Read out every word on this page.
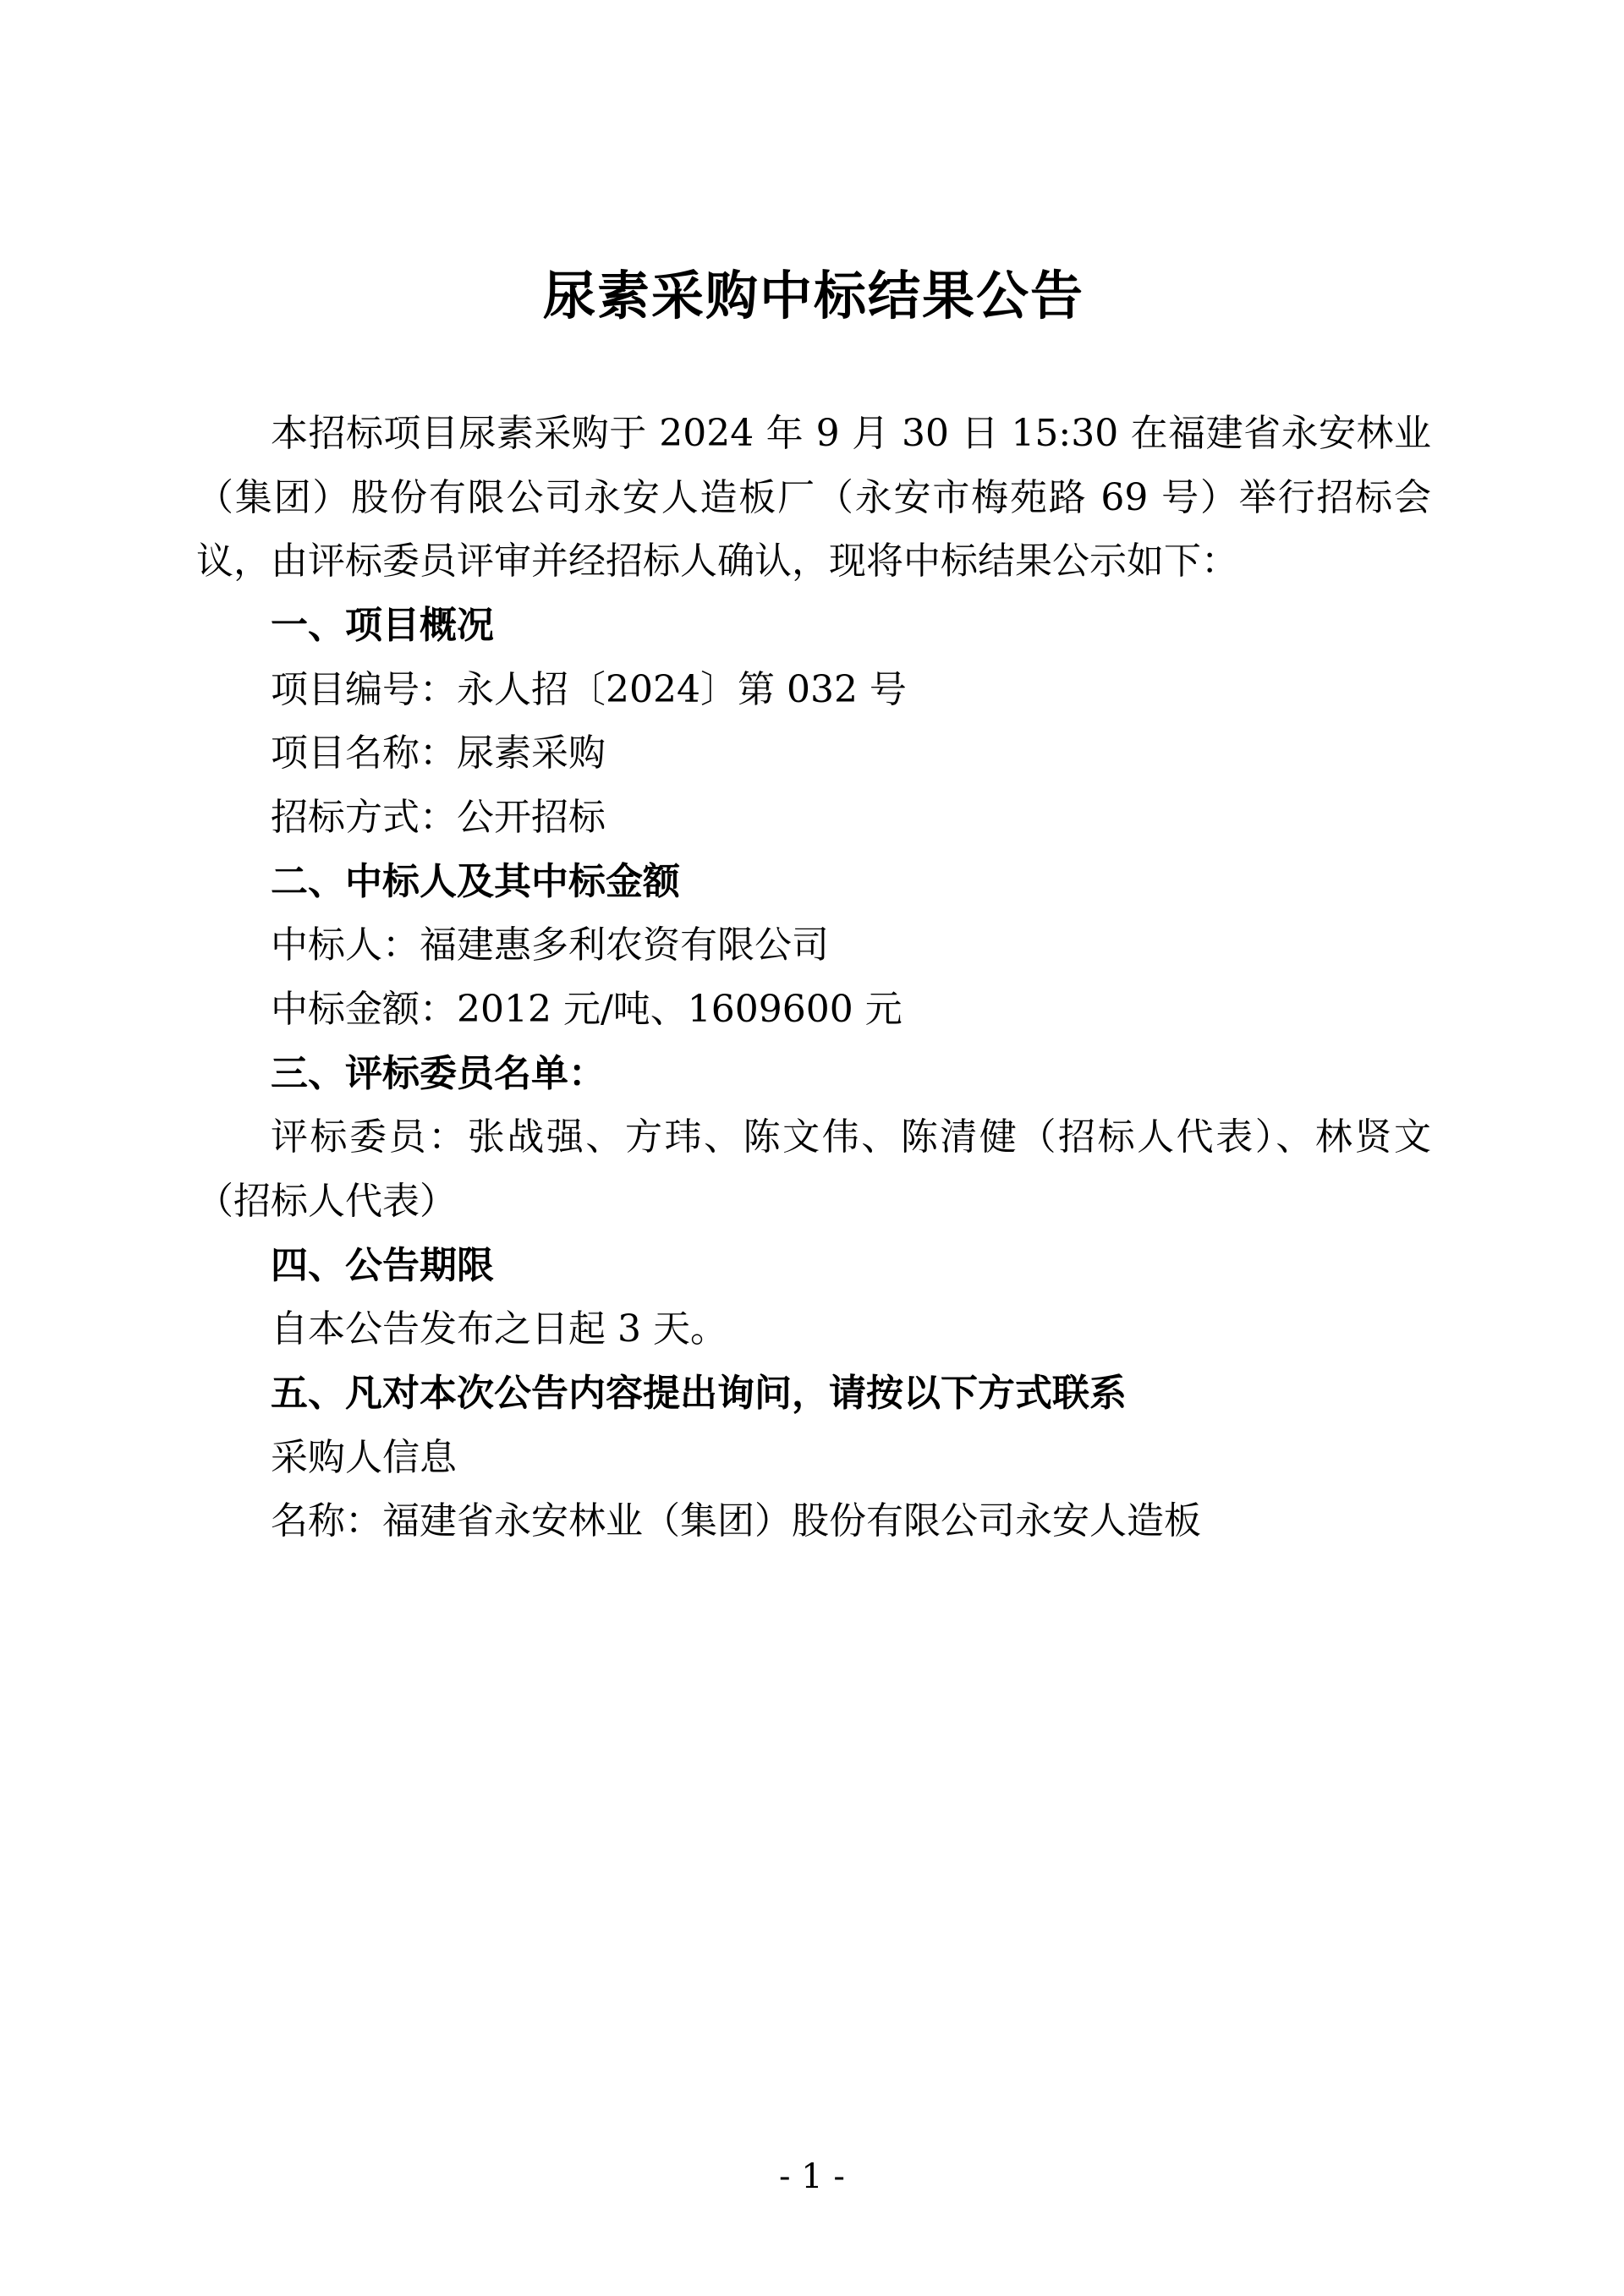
尿素采购中标结果公告

本招标项目尿素采购于 2024 年 9 月 30 日 15:30 在福建省永安林业（集团）股份有限公司永安人造板厂（永安市梅苑路 69 号）举行招标会议，由评标委员评审并经招标人确认，现将中标结果公示如下：

一、项目概况

项目编号：永人招〔2024〕第 032 号

项目名称：尿素采购

招标方式：公开招标

二、中标人及其中标金额

中标人：福建惠多利农资有限公司

中标金额：2012 元/吨、1609600 元

三、评标委员名单：

评标委员：张战强、方玮、陈文伟、陈清健（招标人代表）、林贤文（招标人代表）

四、公告期限

自本公告发布之日起 3 天。

五、凡对本次公告内容提出询问，请按以下方式联系

采购人信息

名称：福建省永安林业（集团）股份有限公司永安人造板

- 1 -
